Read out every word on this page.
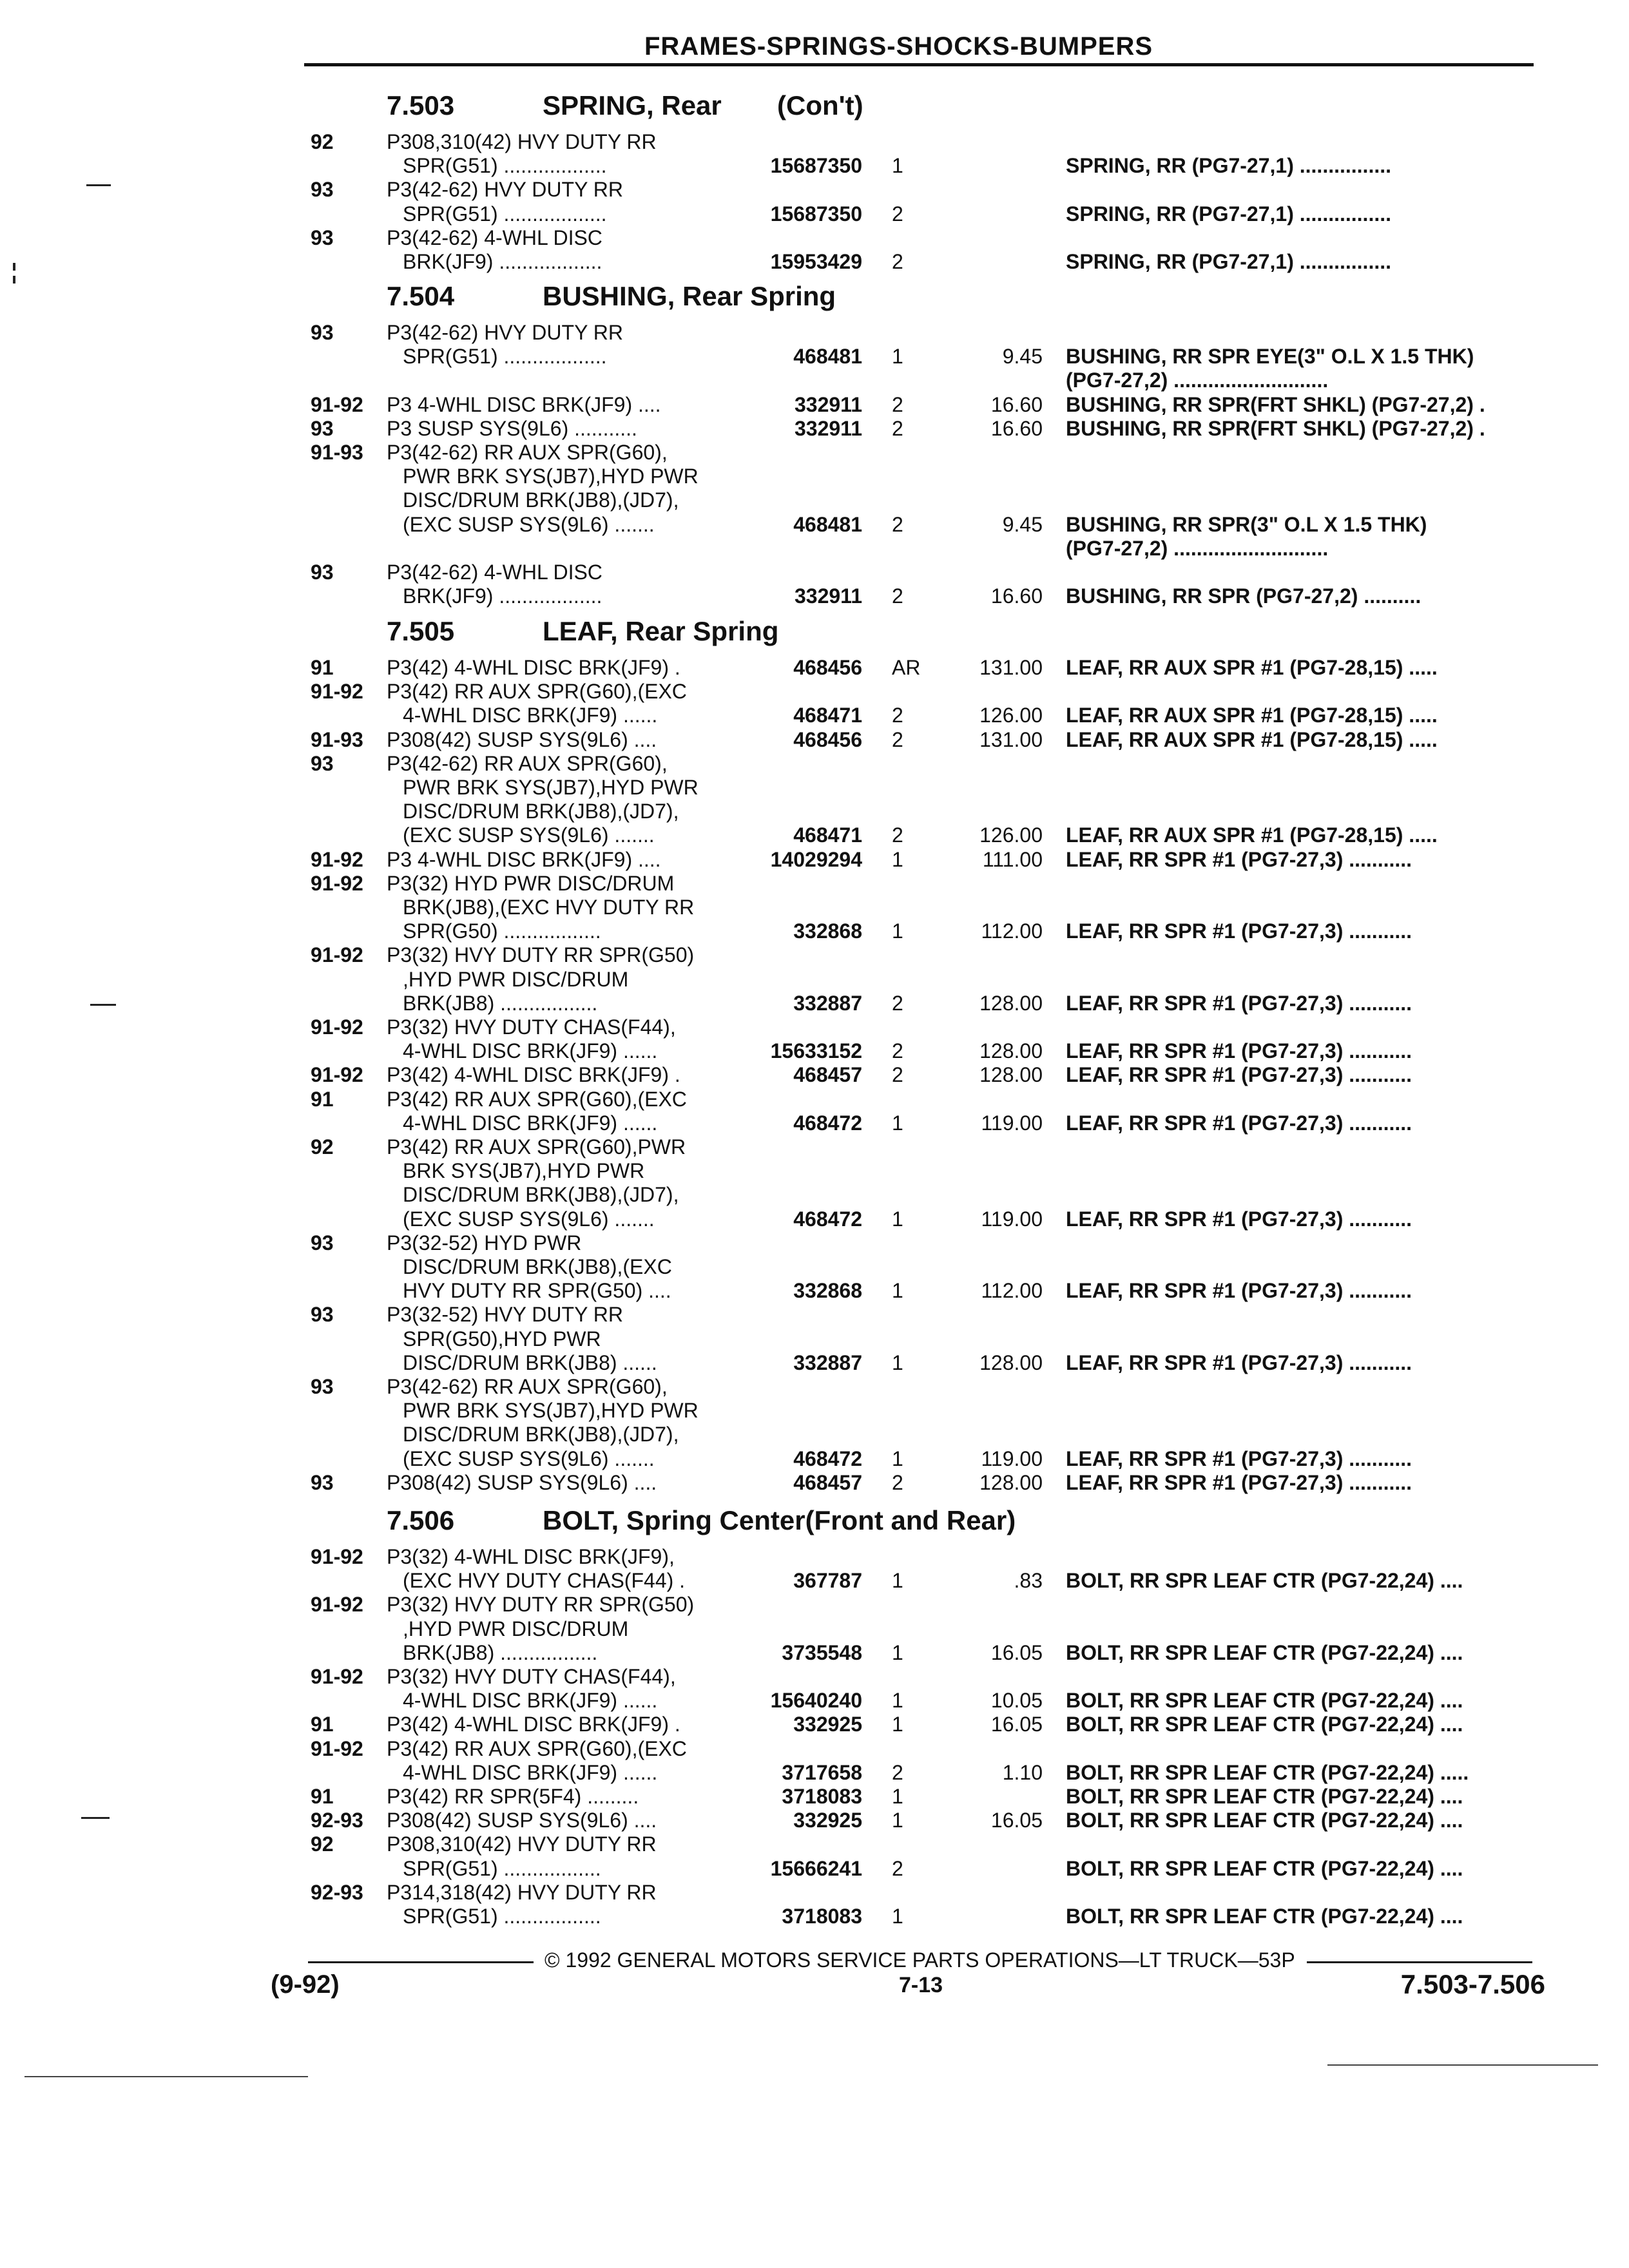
FRAMES-SPRINGS-SHOCKS-BUMPERS
7.503	SPRING, Rear (Con't)
92	P308,310(42) HVY DUTY RR
SPR(G51) ..................	15687350 1	SPRING, RR (PG7-27,1) ................
93	P3(42-62) HVY DUTY RR
SPR(G51) ..................	15687350 2	SPRING, RR (PG7-27,1) ................
93	P3(42-62) 4-WHL DISC
BRK(JF9) ..................	15953429 2	SPRING, RR (PG7-27,1) ................
7.504	BUSHING, Rear Spring
93	P3(42-62) HVY DUTY RR
SPR(G51) ..................	468481 1	9.45 BUSHING, RR SPR EYE(3" O.L X 1.5 THK)
(PG7-27,2) ...........................
91-92 P3 4-WHL DISC BRK(JF9) ....	332911 2	16.60 BUSHING, RR SPR(FRT SHKL) (PG7-27,2) .
93	P3 SUSP SYS(9L6) ...........	332911 2	16.60 BUSHING, RR SPR(FRT SHKL) (PG7-27,2) .
91-93 P3(42-62) RR AUX SPR(G60),
PWR BRK SYS(JB7),HYD PWR
DISC/DRUM BRK(JB8),(JD7),
(EXC SUSP SYS(9L6) .......	468481 2	9.45 BUSHING, RR SPR(3" O.L X 1.5 THK)
(PG7-27,2) ...........................
93	P3(42-62) 4-WHL DISC
BRK(JF9) ..................	332911 2	16.60 BUSHING, RR SPR (PG7-27,2) ..........
7.505	LEAF, Rear Spring
91	P3(42) 4-WHL DISC BRK(JF9) .	468456 AR	131.00 LEAF, RR AUX SPR #1 (PG7-28,15) .....
91-92 P3(42) RR AUX SPR(G60),(EXC
4-WHL DISC BRK(JF9) ......	468471 2	126.00 LEAF, RR AUX SPR #1 (PG7-28,15) .....
91-93 P308(42) SUSP SYS(9L6) ....	468456 2	131.00 LEAF, RR AUX SPR #1 (PG7-28,15) .....
93	P3(42-62) RR AUX SPR(G60),
PWR BRK SYS(JB7),HYD PWR
DISC/DRUM BRK(JB8),(JD7),
(EXC SUSP SYS(9L6) .......	468471 2	126.00 LEAF, RR AUX SPR #1 (PG7-28,15) .....
91-92 P3 4-WHL DISC BRK(JF9) ....	14029294 1	111.00 LEAF, RR SPR #1 (PG7-27,3) ...........
91-92 P3(32) HYD PWR DISC/DRUM
BRK(JB8),(EXC HVY DUTY RR
SPR(G50) .................	332868 1	112.00 LEAF, RR SPR #1 (PG7-27,3) ...........
91-92 P3(32) HVY DUTY RR SPR(G50)
,HYD PWR DISC/DRUM
BRK(JB8) .................	332887 2	128.00 LEAF, RR SPR #1 (PG7-27,3) ...........
91-92 P3(32) HVY DUTY CHAS(F44),
4-WHL DISC BRK(JF9) ......	15633152 2	128.00 LEAF, RR SPR #1 (PG7-27,3) ...........
91-92 P3(42) 4-WHL DISC BRK(JF9) .	468457 2	128.00 LEAF, RR SPR #1 (PG7-27,3) ...........
91	P3(42) RR AUX SPR(G60),(EXC
4-WHL DISC BRK(JF9) ......	468472 1	119.00 LEAF, RR SPR #1 (PG7-27,3) ...........
92	P3(42) RR AUX SPR(G60),PWR
BRK SYS(JB7),HYD PWR
DISC/DRUM BRK(JB8),(JD7),
(EXC SUSP SYS(9L6) .......	468472 1	119.00 LEAF, RR SPR #1 (PG7-27,3) ...........
93	P3(32-52) HYD PWR
DISC/DRUM BRK(JB8),(EXC
HVY DUTY RR SPR(G50) ....	332868 1	112.00 LEAF, RR SPR #1 (PG7-27,3) ...........
93	P3(32-52) HVY DUTY RR
SPR(G50),HYD PWR
DISC/DRUM BRK(JB8) ......	332887 1	128.00 LEAF, RR SPR #1 (PG7-27,3) ...........
93	P3(42-62) RR AUX SPR(G60),
PWR BRK SYS(JB7),HYD PWR
DISC/DRUM BRK(JB8),(JD7),
(EXC SUSP SYS(9L6) .......	468472 1	119.00 LEAF, RR SPR #1 (PG7-27,3) ...........
93	P308(42) SUSP SYS(9L6) ....	468457 2	128.00 LEAF, RR SPR #1 (PG7-27,3) ...........
7.506	BOLT, Spring Center(Front and Rear)
91-92 P3(32) 4-WHL DISC BRK(JF9),
(EXC HVY DUTY CHAS(F44) .	367787 1	.83 BOLT, RR SPR LEAF CTR (PG7-22,24) ....
91-92 P3(32) HVY DUTY RR SPR(G50)
,HYD PWR DISC/DRUM
BRK(JB8) .................	3735548 1	16.05 BOLT, RR SPR LEAF CTR (PG7-22,24) ....
91-92 P3(32) HVY DUTY CHAS(F44),
4-WHL DISC BRK(JF9) ......	15640240 1	10.05 BOLT, RR SPR LEAF CTR (PG7-22,24) ....
91	P3(42) 4-WHL DISC BRK(JF9) .	332925 1	16.05 BOLT, RR SPR LEAF CTR (PG7-22,24) ....
91-92 P3(42) RR AUX SPR(G60),(EXC
4-WHL DISC BRK(JF9) ......	3717658 2	1.10 BOLT, RR SPR LEAF CTR (PG7-22,24) .....
91	P3(42) RR SPR(5F4) .........	3718083 1	BOLT, RR SPR LEAF CTR (PG7-22,24) ....
92-93 P308(42) SUSP SYS(9L6) ....	332925 1	16.05 BOLT, RR SPR LEAF CTR (PG7-22,24) ....
92	P308,310(42) HVY DUTY RR
SPR(G51) .................	15666241 2	BOLT, RR SPR LEAF CTR (PG7-22,24) ....
92-93 P314,318(42) HVY DUTY RR
SPR(G51) .................	3718083 1	BOLT, RR SPR LEAF CTR (PG7-22,24) ....
© 1992 GENERAL MOTORS SERVICE PARTS OPERATIONS—LT TRUCK—53P
(9-92)	7-13	7.503-7.506
